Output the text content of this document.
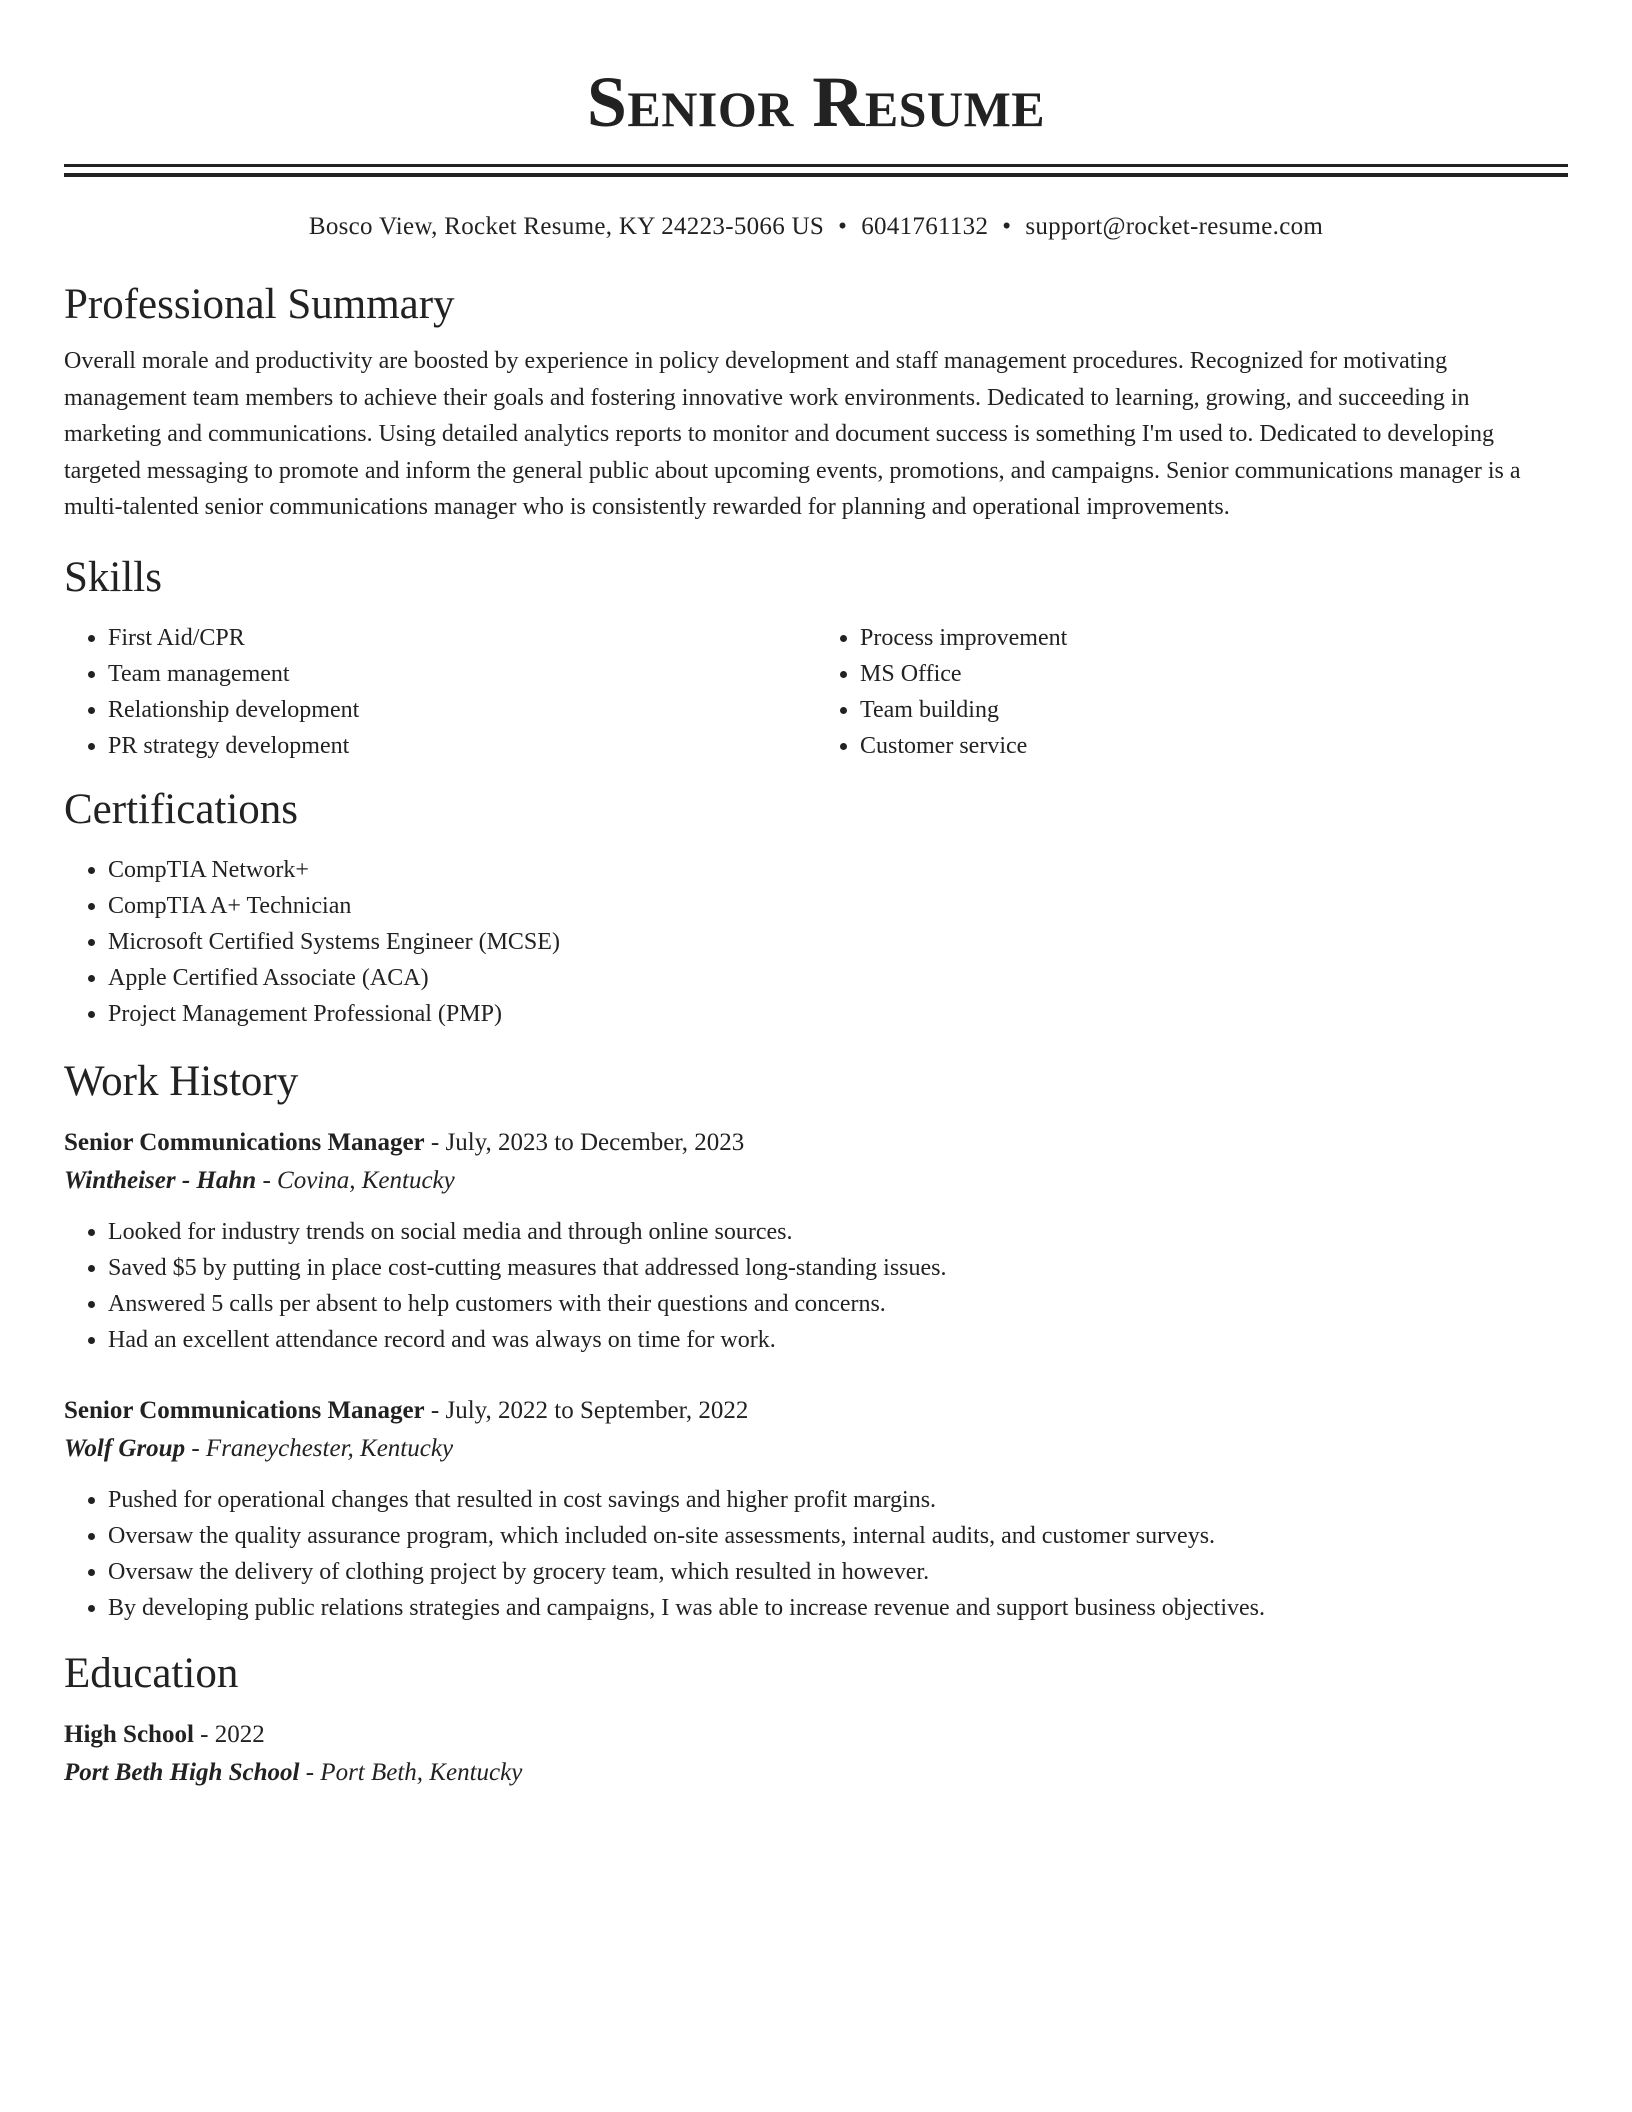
Senior Resume
Bosco View, Rocket Resume, KY 24223-5066 US • 6041761132 • support@rocket-resume.com
Professional Summary
Overall morale and productivity are boosted by experience in policy development and staff management procedures. Recognized for motivating management team members to achieve their goals and fostering innovative work environments. Dedicated to learning, growing, and succeeding in marketing and communications. Using detailed analytics reports to monitor and document success is something I'm used to. Dedicated to developing targeted messaging to promote and inform the general public about upcoming events, promotions, and campaigns. Senior communications manager is a multi-talented senior communications manager who is consistently rewarded for planning and operational improvements.
Skills
• First Aid/CPR
• Team management
• Relationship development
• PR strategy development
• Process improvement
• MS Office
• Team building
• Customer service
Certifications
• CompTIA Network+
• CompTIA A+ Technician
• Microsoft Certified Systems Engineer (MCSE)
• Apple Certified Associate (ACA)
• Project Management Professional (PMP)
Work History
Senior Communications Manager - July, 2023 to December, 2023
Wintheiser - Hahn - Covina, Kentucky
• Looked for industry trends on social media and through online sources.
• Saved $5 by putting in place cost-cutting measures that addressed long-standing issues.
• Answered 5 calls per absent to help customers with their questions and concerns.
• Had an excellent attendance record and was always on time for work.
Senior Communications Manager - July, 2022 to September, 2022
Wolf Group - Franeychester, Kentucky
• Pushed for operational changes that resulted in cost savings and higher profit margins.
• Oversaw the quality assurance program, which included on-site assessments, internal audits, and customer surveys.
• Oversaw the delivery of clothing project by grocery team, which resulted in however.
• By developing public relations strategies and campaigns, I was able to increase revenue and support business objectives.
Education
High School - 2022
Port Beth High School - Port Beth, Kentucky
